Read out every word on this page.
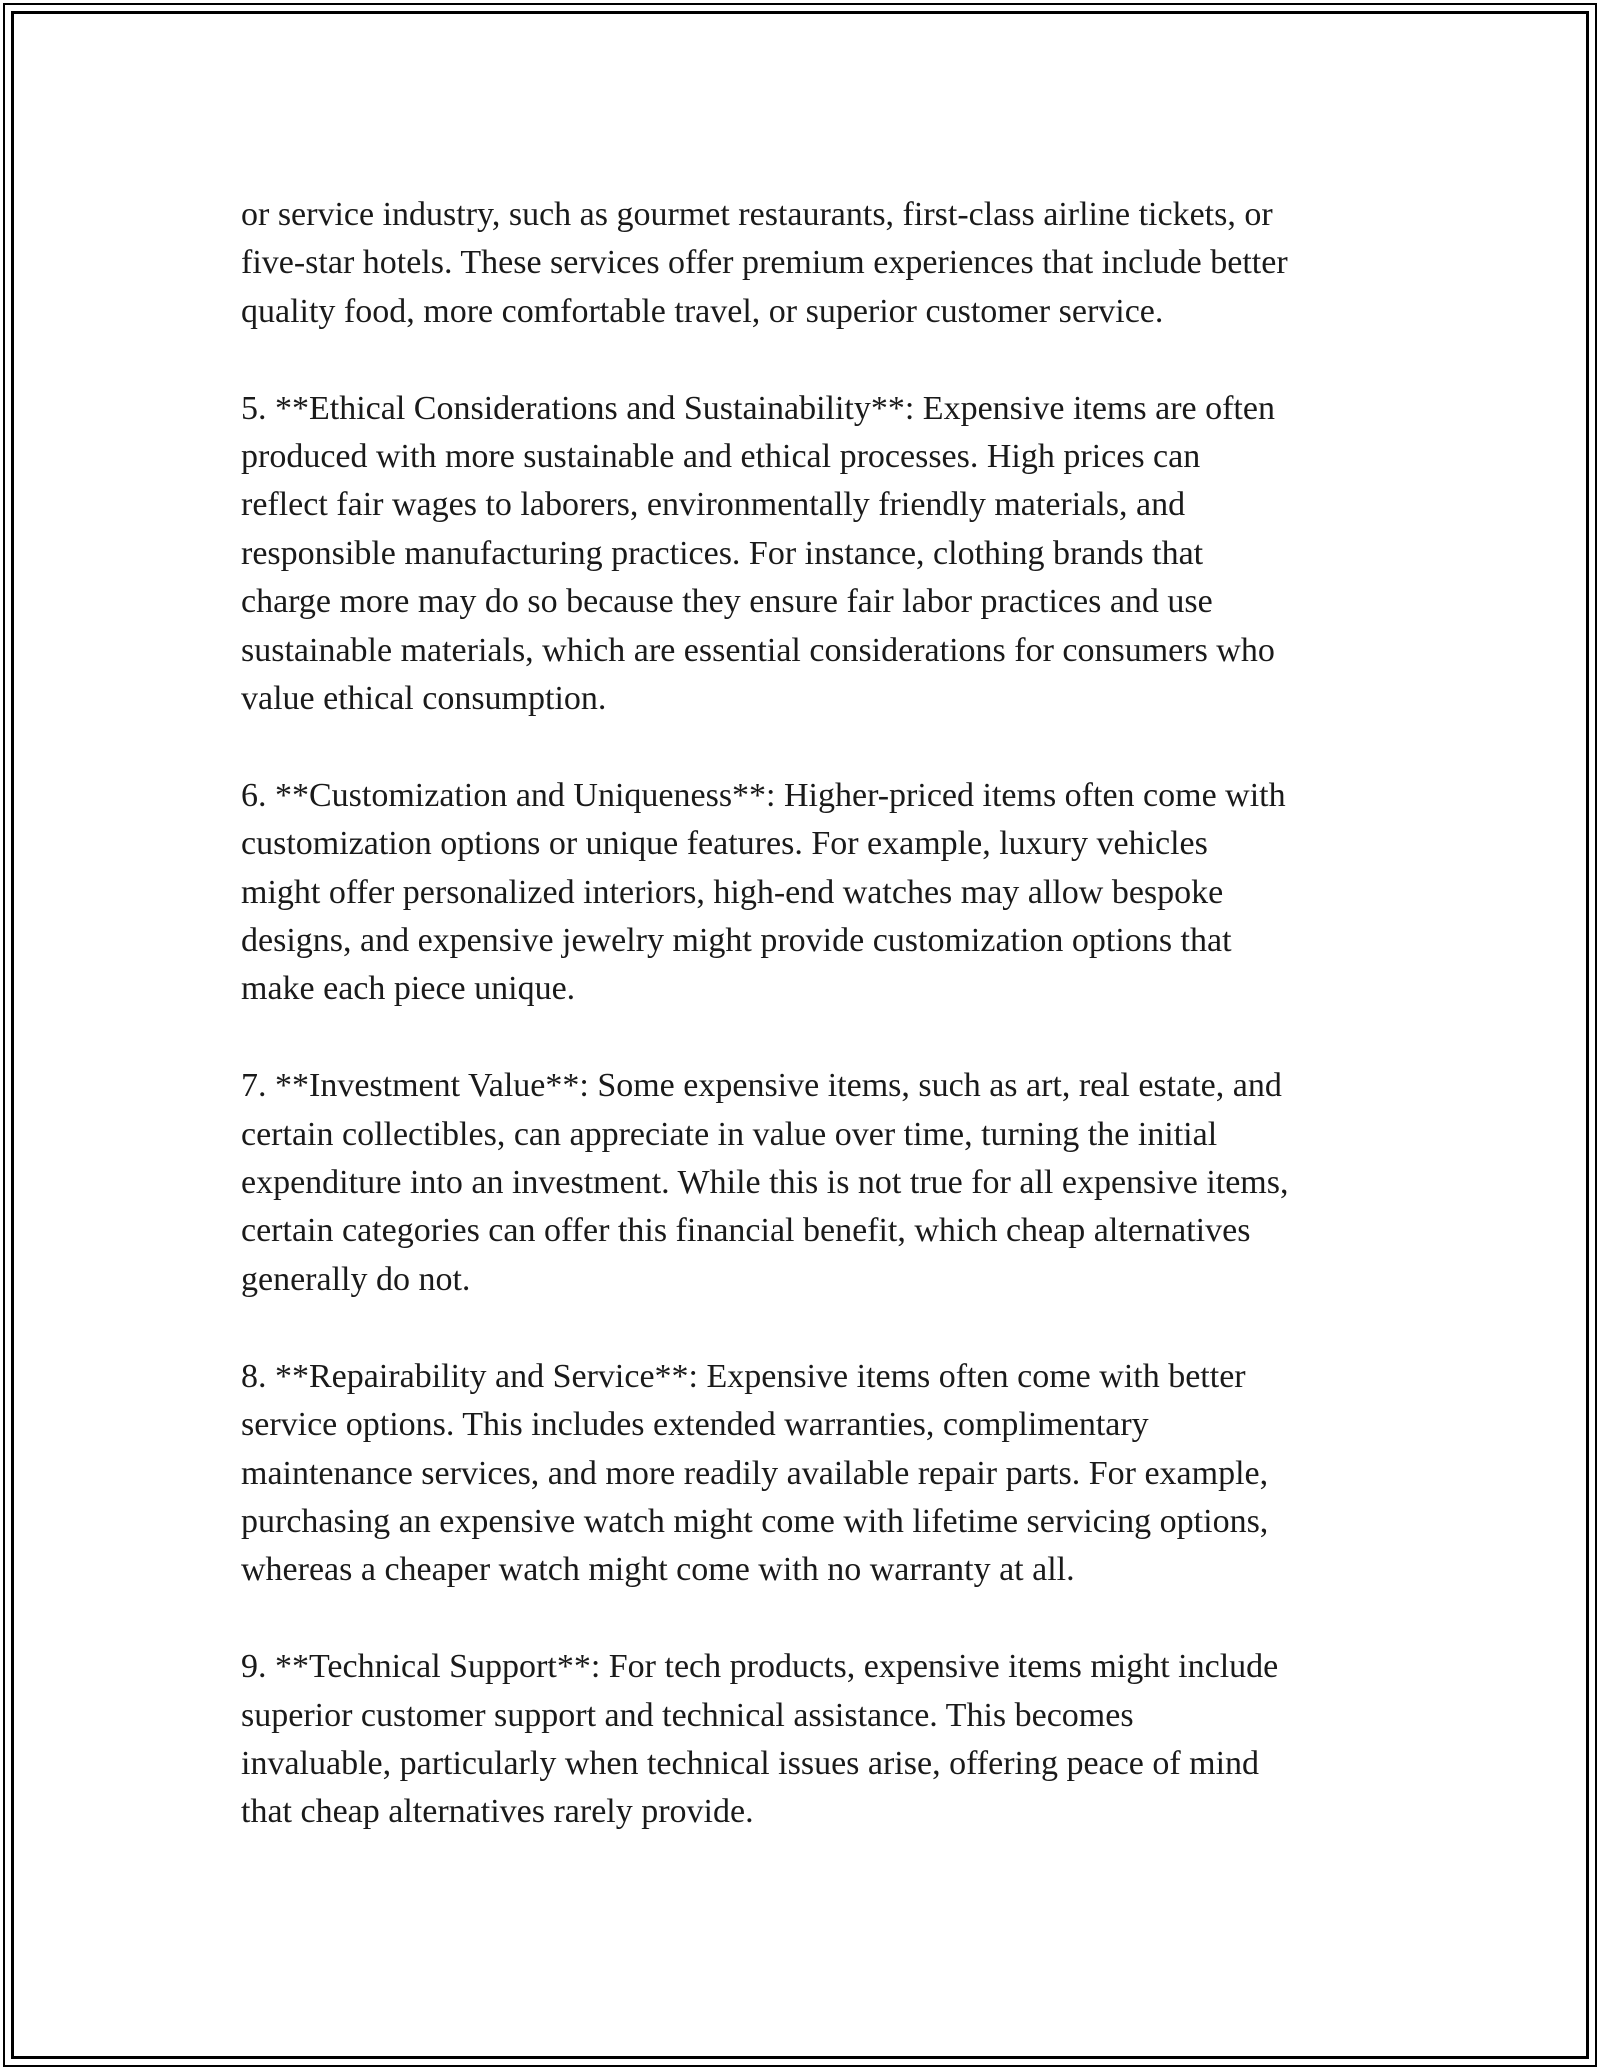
or service industry, such as gourmet restaurants, first-class airline tickets, or
five-star hotels. These services offer premium experiences that include better
quality food, more comfortable travel, or superior customer service.

5. **Ethical Considerations and Sustainability**: Expensive items are often
produced with more sustainable and ethical processes. High prices can
reflect fair wages to laborers, environmentally friendly materials, and
responsible manufacturing practices. For instance, clothing brands that
charge more may do so because they ensure fair labor practices and use
sustainable materials, which are essential considerations for consumers who
value ethical consumption.

6. **Customization and Uniqueness**: Higher-priced items often come with
customization options or unique features. For example, luxury vehicles
might offer personalized interiors, high-end watches may allow bespoke
designs, and expensive jewelry might provide customization options that
make each piece unique.

7. **Investment Value**: Some expensive items, such as art, real estate, and
certain collectibles, can appreciate in value over time, turning the initial
expenditure into an investment. While this is not true for all expensive items,
certain categories can offer this financial benefit, which cheap alternatives
generally do not.

8. **Repairability and Service**: Expensive items often come with better
service options. This includes extended warranties, complimentary
maintenance services, and more readily available repair parts. For example,
purchasing an expensive watch might come with lifetime servicing options,
whereas a cheaper watch might come with no warranty at all.

9. **Technical Support**: For tech products, expensive items might include
superior customer support and technical assistance. This becomes
invaluable, particularly when technical issues arise, offering peace of mind
that cheap alternatives rarely provide.
